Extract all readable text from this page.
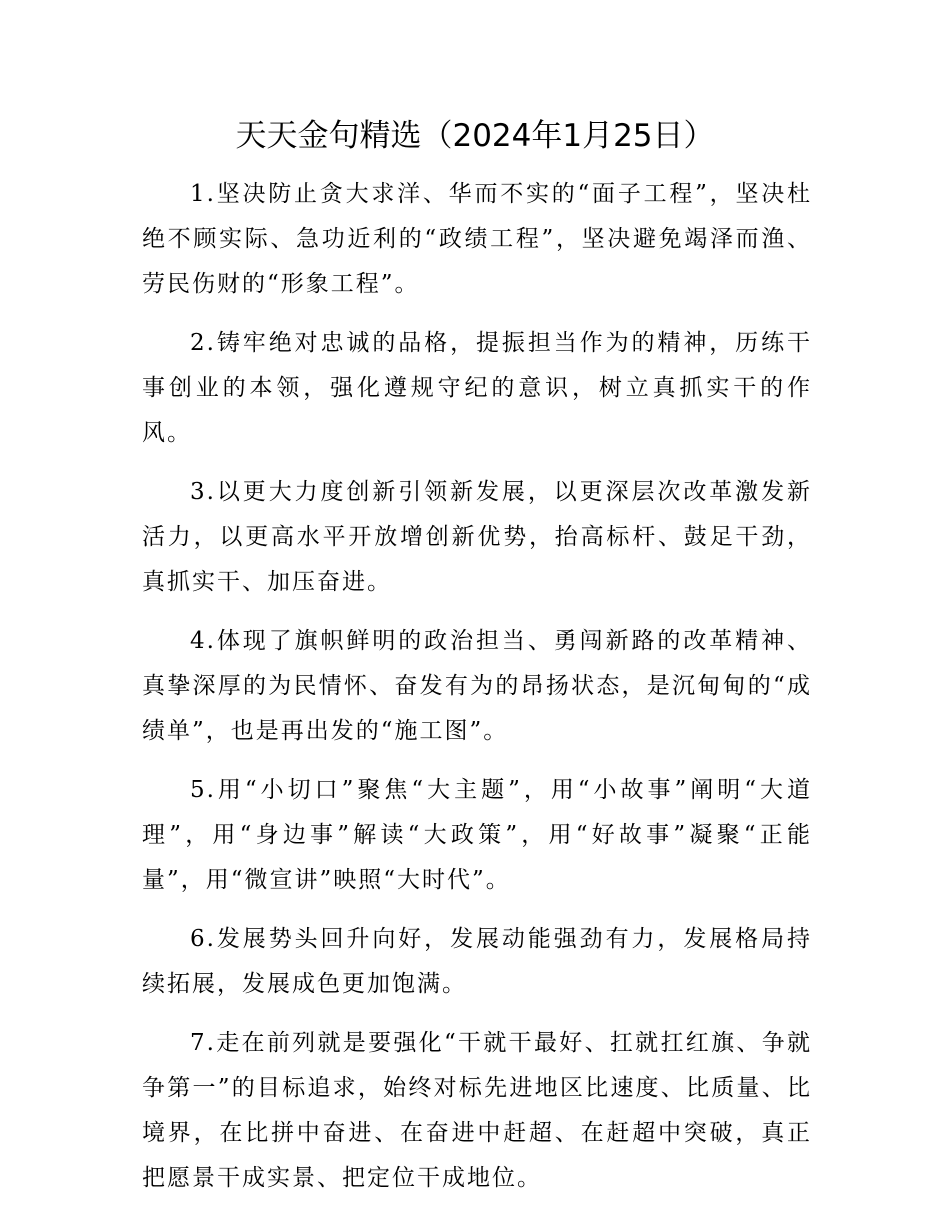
天天金句精选（2024年1月25日）

1.坚决防止贪大求洋、华而不实的“面子工程”，坚决杜绝不顾实际、急功近利的“政绩工程”，坚决避免竭泽而渔、劳民伤财的“形象工程”。

2.铸牢绝对忠诚的品格，提振担当作为的精神，历练干事创业的本领，强化遵规守纪的意识，树立真抓实干的作风。

3.以更大力度创新引领新发展，以更深层次改革激发新活力，以更高水平开放增创新优势，抬高标杆、鼓足干劲，真抓实干、加压奋进。

4.体现了旗帜鲜明的政治担当、勇闯新路的改革精神、真挚深厚的为民情怀、奋发有为的昂扬状态，是沉甸甸的“成绩单”，也是再出发的“施工图”。

5.用“小切口”聚焦“大主题”，用“小故事”阐明“大道理”，用“身边事”解读“大政策”，用“好故事”凝聚“正能量”，用“微宣讲”映照“大时代”。

6.发展势头回升向好，发展动能强劲有力，发展格局持续拓展，发展成色更加饱满。

7.走在前列就是要强化“干就干最好、扛就扛红旗、争就争第一”的目标追求，始终对标先进地区比速度、比质量、比境界，在比拼中奋进、在奋进中赶超、在赶超中突破，真正把愿景干成实景、把定位干成地位。
